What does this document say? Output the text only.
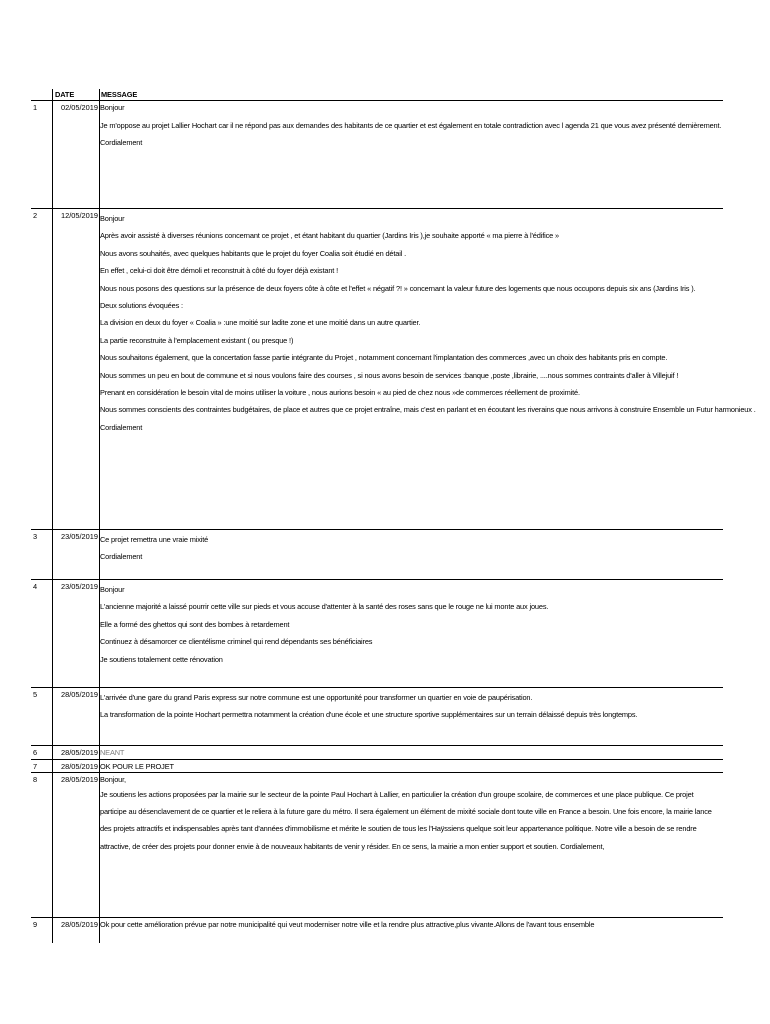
DATE	MESSAGE
1	02/05/2019 Bonjour
Je m'oppose au projet Lallier Hochart car il ne répond pas aux demandes des habitants de ce quartier et est également en totale contradiction avec l agenda 21 que vous avez présenté dernièrement.
Cordialement
2	12/05/2019 Bonjour
Après avoir assisté à diverses réunions concernant ce projet , et étant habitant du quartier (Jardins Iris ),je souhaite apporté « ma pierre à l'édifice »
Nous avons souhaités, avec quelques habitants que le projet du foyer Coalia soit étudié en détail .
En effet , celui-ci doit être démoli et reconstruit à côté du foyer déjà existant !
Nous nous posons des questions sur la présence de deux foyers côte à côte et l'effet « négatif ?! » concernant la valeur future des logements que nous occupons depuis six ans (Jardins Iris ).
Deux solutions évoquées :
La division en deux du foyer « Coalia » :une moitié sur ladite zone et une moitié dans un autre quartier.
La partie reconstruite à l'emplacement existant ( ou presque !)
Nous souhaitons également, que la concertation fasse partie intégrante du Projet , notamment concernant l'implantation des commerces ,avec un choix des habitants pris en compte.
Nous sommes un peu en bout de commune et si nous voulons faire des courses , si nous avons besoin de services :banque ,poste ,librairie, ....nous sommes contraints d'aller à Villejuif !
Prenant en considération le besoin vital de moins utiliser la voiture , nous aurions besoin « au pied de chez nous »de commerces réellement de proximité.
Nous sommes conscients des contraintes budgétaires, de place et autres que ce projet entraîne, mais c'est en parlant et en écoutant les riverains que nous arrivons à construire Ensemble un Futur harmonieux .
Cordialement
3	23/05/2019 Ce projet remettra une vraie mixité
Cordialement
4	23/05/2019 Bonjour
L'ancienne majorité a laissé pourrir cette ville sur pieds et vous accuse d'attenter à la santé des roses sans que le rouge ne lui monte aux joues.
Elle a formé des ghettos qui sont des bombes à retardement
Continuez à désamorcer ce clientélisme criminel qui rend dépendants ses bénéficiaires
Je soutiens totalement cette rénovation
5	28/05/2019 L'arrivée d'une gare du grand Paris express sur notre commune est une opportunité pour transformer un quartier en voie de paupérisation.
La transformation de la pointe Hochart permettra notamment la création d'une école et une structure sportive supplémentaires sur un terrain délaissé depuis très longtemps.
6	28/05/2019 NEANT
7	28/05/2019 OK POUR LE PROJET
8	28/05/2019 Bonjour,
Je soutiens les actions proposées par la mairie sur le secteur de la pointe Paul Hochart à Lallier, en particulier la création d'un groupe scolaire, de commerces et une place publique. Ce projet participe au désenclavement de ce quartier et le reliera à la future gare du métro. Il sera également un élément de mixité sociale dont toute ville en France a besoin. Une fois encore, la mairie lance des projets attractifs et indispensables après tant d'années d'immobilisme et mérite le soutien de tous les l'Haÿssiens quelque soit leur appartenance politique. Notre ville a besoin de se rendre attractive, de créer des projets pour donner envie à de nouveaux habitants de venir y résider. En ce sens, la mairie a mon entier support et soutien. Cordialement,
9	28/05/2019 Ok pour cette amélioration prévue par notre municipalité qui veut moderniser notre ville et la rendre plus attractive,plus vivante.Allons de l'avant tous ensemble
